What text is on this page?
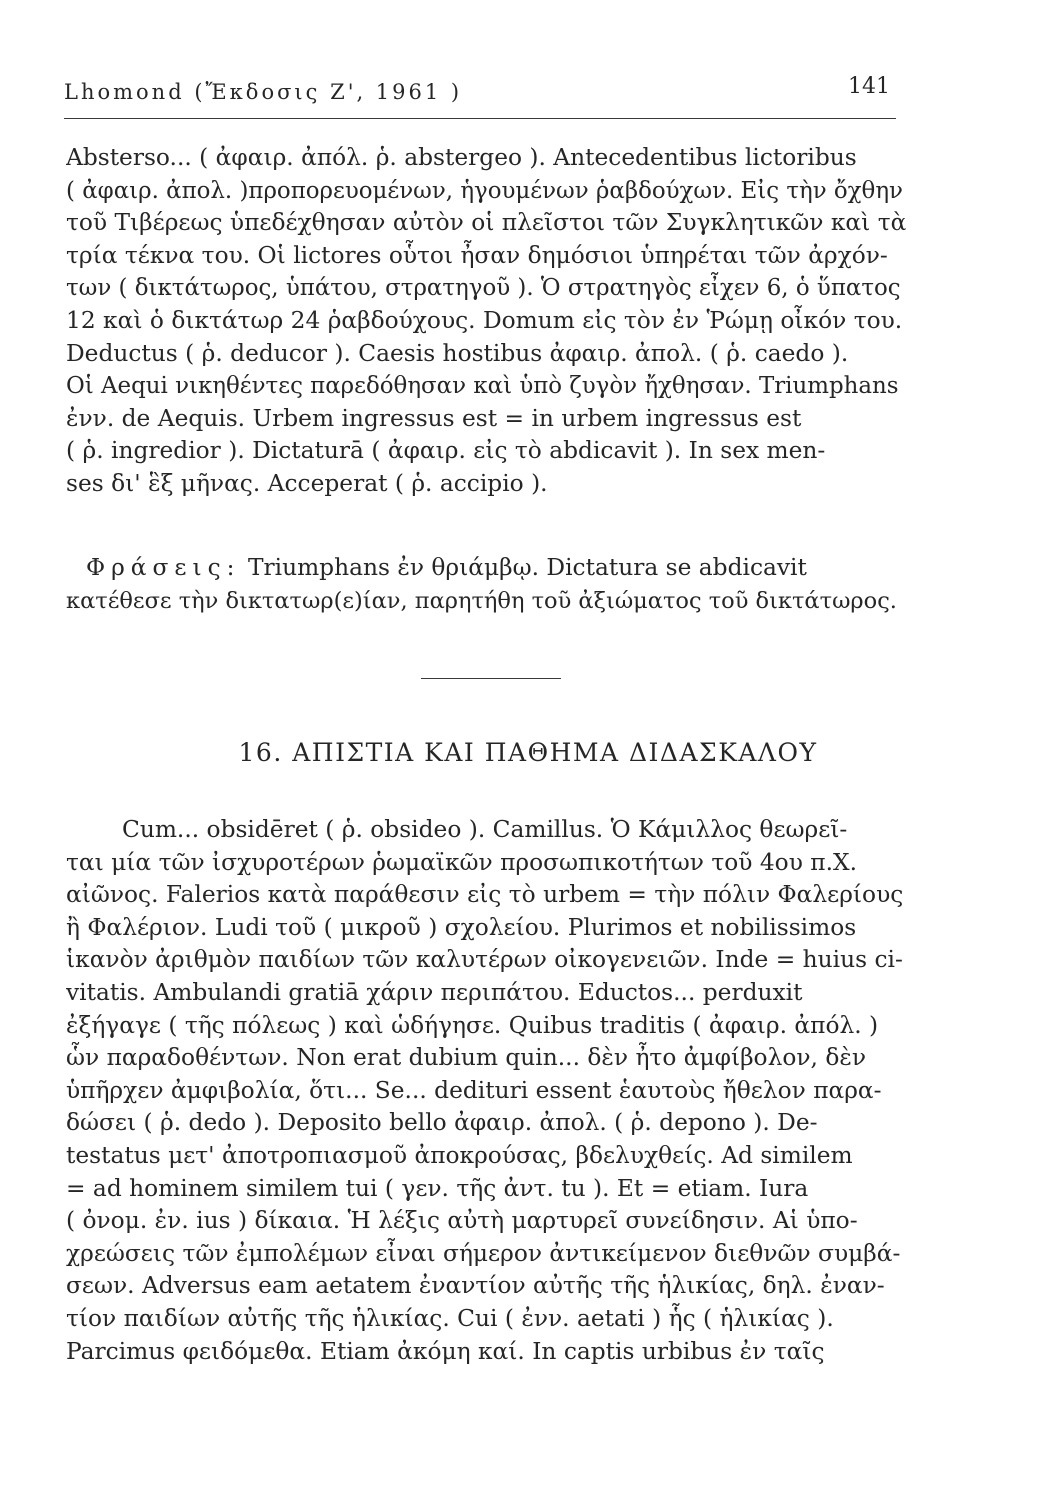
Lhomond (Ἔκδοσις Ζ', 1961 )	141
Absterso... ( ἀφαιρ. ἀπόλ. ῥ. abstergeo ). Antecedentibus lictoribus
( ἀφαιρ. ἀπολ. )προπορευομένων, ἡγουμένων ῥαβδούχων. Εἰς τὴν ὄχθην
τοῦ Τιβέρεως ὑπεδέχθησαν αὐτὸν οἱ πλεῖστοι τῶν Συγκλητικῶν καὶ τὰ
τρία τέκνα του. Οἱ lictores οὗτοι ἦσαν δημόσιοι ὑπηρέται τῶν ἀρχόν-
των ( δικτάτωρος, ὑπάτου, στρατηγοῦ ). Ὁ στρατηγὸς εἶχεν 6, ὁ ὕπατος
12 καὶ ὁ δικτάτωρ 24 ῥαβδούχους. Domum εἰς τὸν ἐν Ῥώμῃ οἶκόν του.
Deductus ( ῥ. deducor ). Caesis hostibus ἀφαιρ. ἀπολ. ( ῥ. caedo ).
Οἱ Aequi νικηθέντες παρεδόθησαν καὶ ὑπὸ ζυγὸν ἤχθησαν. Triumphans
ἐνν. de Aequis. Urbem ingressus est = in urbem ingressus est
( ῥ. ingredior ). Dictaturā ( ἀφαιρ. εἰς τὸ abdicavit ). In sex men-
ses δι' ἓξ μῆνας. Acceperat ( ῥ. accipio ).
Φράσεις: Triumphans ἐν θριάμβῳ. Dictatura se abdicavit
κατέθεσε τὴν δικτατωρ(ε)ίαν, παρητήθη τοῦ ἀξιώματος τοῦ δικτάτωρος.
16. ΑΠΙΣΤΙΑ ΚΑΙ ΠΑΘΗΜΑ ΔΙΔΑΣΚΑΛΟΥ
Cum... obsidēret ( ῥ. obsideo ). Camillus. Ὁ Κάμιλλος θεωρεῖ-
ται μία τῶν ἰσχυροτέρων ῥωμαϊκῶν προσωπικοτήτων τοῦ 4ου π.Χ.
αἰῶνος. Falerios κατὰ παράθεσιν εἰς τὸ urbem = τὴν πόλιν Φαλερίους
ἢ Φαλέριον. Ludi τοῦ ( μικροῦ ) σχολείου. Plurimos et nobilissimos
ἱκανὸν ἀριθμὸν παιδίων τῶν καλυτέρων οἰκογενειῶν. Inde = huius ci-
vitatis. Ambulandi gratiā χάριν περιπάτου. Eductos... perduxit
ἐξήγαγε ( τῆς πόλεως ) καὶ ὡδήγησε. Quibus traditis ( ἀφαιρ. ἀπόλ. )
ὧν παραδοθέντων. Non erat dubium quin... δὲν ἦτο ἀμφίβολον, δὲν
ὑπῆρχεν ἀμφιβολία, ὅτι... Se... dedituri essent ἑαυτοὺς ἤθελον παρα-
δώσει ( ῥ. dedo ). Deposito bello ἀφαιρ. ἀπολ. ( ῥ. depono ). De-
testatus μετ' ἀποτροπιασμοῦ ἀποκρούσας, βδελυχθείς. Ad similem
= ad hominem similem tui ( γεν. τῆς ἀντ. tu ). Et = etiam. Iura
( ὀνομ. ἐν. ius ) δίκαια. Ἡ λέξις αὐτὴ μαρτυρεῖ συνείδησιν. Αἱ ὑπο-
χρεώσεις τῶν ἐμπολέμων εἶναι σήμερον ἀντικείμενον διεθνῶν συμβά-
σεων. Adversus eam aetatem ἐναντίον αὐτῆς τῆς ἡλικίας, δηλ. ἐναν-
τίον παιδίων αὐτῆς τῆς ἡλικίας. Cui ( ἐνν. aetati ) ἧς ( ἡλικίας ).
Parcimus φειδόμεθα. Etiam ἀκόμη καί. In captis urbibus ἐν ταῖς
